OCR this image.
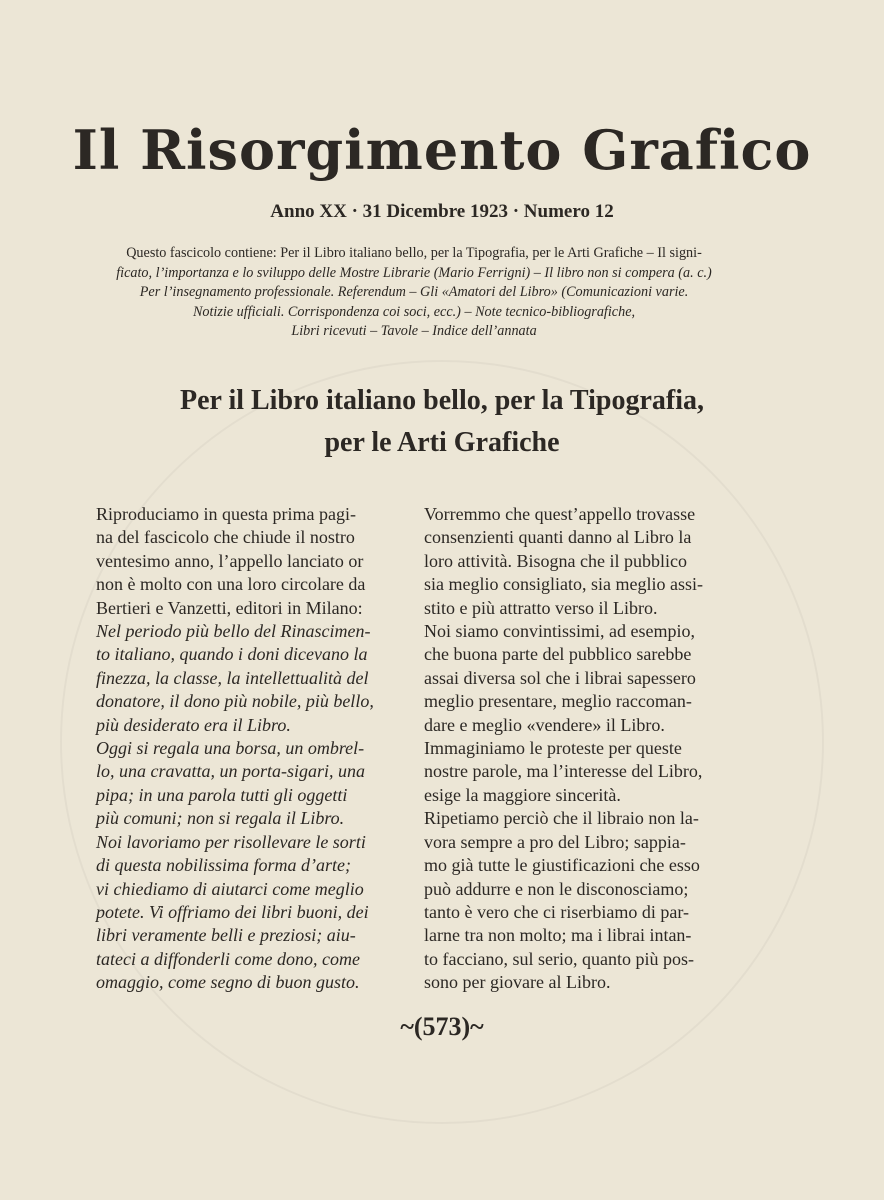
Il Risorgimento Grafico
Anno XX · 31 Dicembre 1923 · Numero 12
Questo fascicolo contiene: Per il Libro italiano bello, per la Tipografia, per le Arti Grafiche – Il signi-
ficato, l’importanza e lo sviluppo delle Mostre Librarie (Mario Ferrigni) – Il libro non si compera (a. c.)
Per l’insegnamento professionale. Referendum – Gli «Amatori del Libro» (Comunicazioni varie.
Notizie ufficiali. Corrispondenza coi soci, ecc.) – Note tecnico-bibliografiche,
Libri ricevuti – Tavole – Indice dell’annata
Per il Libro italiano bello, per la Tipografia,
per le Arti Grafiche
Riproduciamo in questa prima pagi-
na del fascicolo che chiude il nostro
ventesimo anno, l’appello lanciato or
non è molto con una loro circolare da
Bertieri e Vanzetti, editori in Milano:
Nel periodo più bello del Rinascimen-
to italiano, quando i doni dicevano la
finezza, la classe, la intellettualità del
donatore, il dono più nobile, più bello,
più desiderato era il Libro.
Oggi si regala una borsa, un ombrel-
lo, una cravatta, un porta-sigari, una
pipa; in una parola tutti gli oggetti
più comuni; non si regala il Libro.
Noi lavoriamo per risollevare le sorti
di questa nobilissima forma d’arte;
vi chiediamo di aiutarci come meglio
potete. Vi offriamo dei libri buoni, dei
libri veramente belli e preziosi; aiu-
tateci a diffonderli come dono, come
omaggio, come segno di buon gusto.
Vorremmo che quest’appello trovasse
consenzienti quanti danno al Libro la
loro attività. Bisogna che il pubblico
sia meglio consigliato, sia meglio assi-
stito e più attratto verso il Libro.
Noi siamo convintissimi, ad esempio,
che buona parte del pubblico sarebbe
assai diversa sol che i librai sapessero
meglio presentare, meglio raccoman-
dare e meglio «vendere» il Libro.
Immaginiamo le proteste per queste
nostre parole, ma l’interesse del Libro,
esige la maggiore sincerità.
Ripetiamo perciò che il libraio non la-
vora sempre a pro del Libro; sappia-
mo già tutte le giustificazioni che esso
può addurre e non le disconosciamo;
tanto è vero che ci riserbiamo di par-
larne tra non molto; ma i librai intan-
to facciano, sul serio, quanto più pos-
sono per giovare al Libro.
~(573)~
